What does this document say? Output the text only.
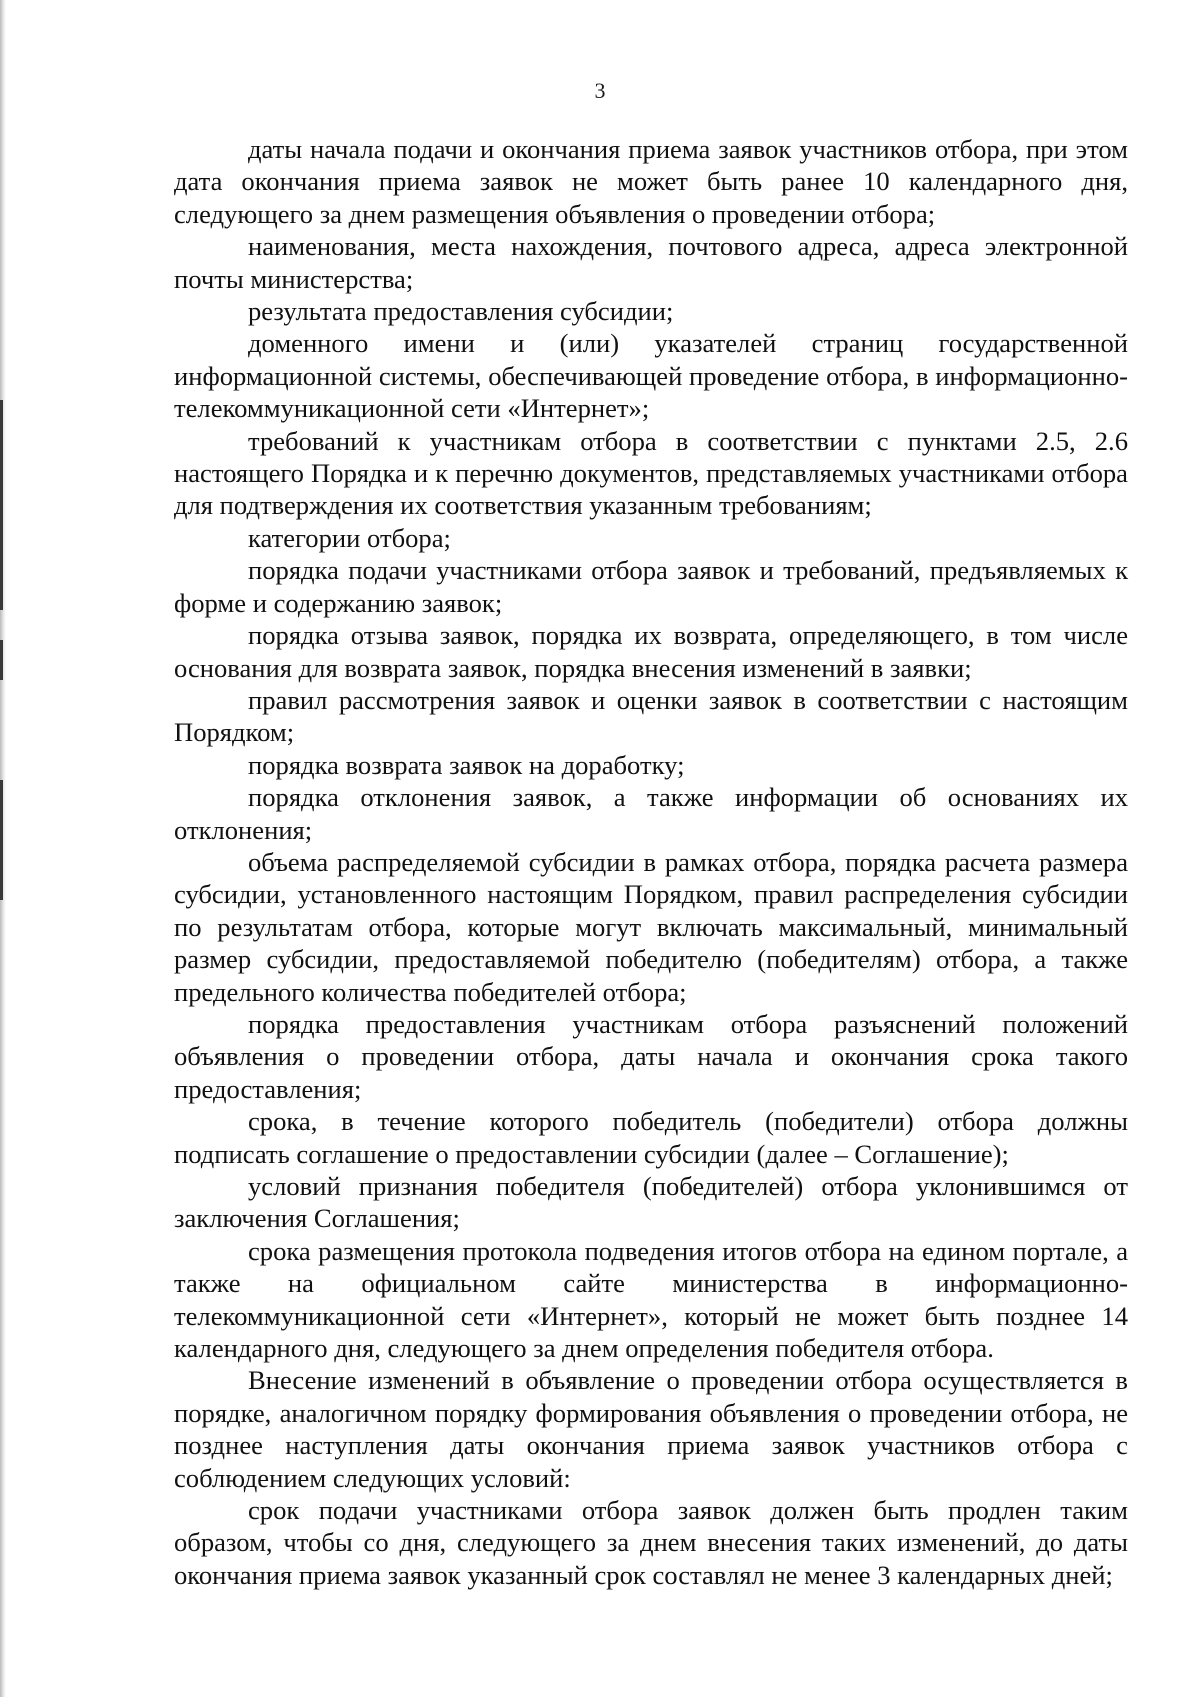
3

даты начала подачи и окончания приема заявок участников отбора, при этом дата окончания приема заявок не может быть ранее 10 календарного дня, следующего за днем размещения объявления о проведении отбора;

наименования, места нахождения, почтового адреса, адреса электронной почты министерства;

результата предоставления субсидии;

доменного имени и (или) указателей страниц государственной информационной системы, обеспечивающей проведение отбора, в информационно-телекоммуникационной сети «Интернет»;

требований к участникам отбора в соответствии с пунктами 2.5, 2.6 настоящего Порядка и к перечню документов, представляемых участниками отбора для подтверждения их соответствия указанным требованиям;

категории отбора;

порядка подачи участниками отбора заявок и требований, предъявляемых к форме и содержанию заявок;

порядка отзыва заявок, порядка их возврата, определяющего, в том числе основания для возврата заявок, порядка внесения изменений в заявки;

правил рассмотрения заявок и оценки заявок в соответствии с настоящим Порядком;

порядка возврата заявок на доработку;

порядка отклонения заявок, а также информации об основаниях их отклонения;

объема распределяемой субсидии в рамках отбора, порядка расчета размера субсидии, установленного настоящим Порядком, правил распределения субсидии по результатам отбора, которые могут включать максимальный, минимальный размер субсидии, предоставляемой победителю (победителям) отбора, а также предельного количества победителей отбора;

порядка предоставления участникам отбора разъяснений положений объявления о проведении отбора, даты начала и окончания срока такого предоставления;

срока, в течение которого победитель (победители) отбора должны подписать соглашение о предоставлении субсидии (далее – Соглашение);

условий признания победителя (победителей) отбора уклонившимся от заключения Соглашения;

срока размещения протокола подведения итогов отбора на едином портале, а также на официальном сайте министерства в информационно-телекоммуникационной сети «Интернет», который не может быть позднее 14 календарного дня, следующего за днем определения победителя отбора.

Внесение изменений в объявление о проведении отбора осуществляется в порядке, аналогичном порядку формирования объявления о проведении отбора, не позднее наступления даты окончания приема заявок участников отбора с соблюдением следующих условий:

срок подачи участниками отбора заявок должен быть продлен таким образом, чтобы со дня, следующего за днем внесения таких изменений, до даты окончания приема заявок указанный срок составлял не менее 3 календарных дней;
